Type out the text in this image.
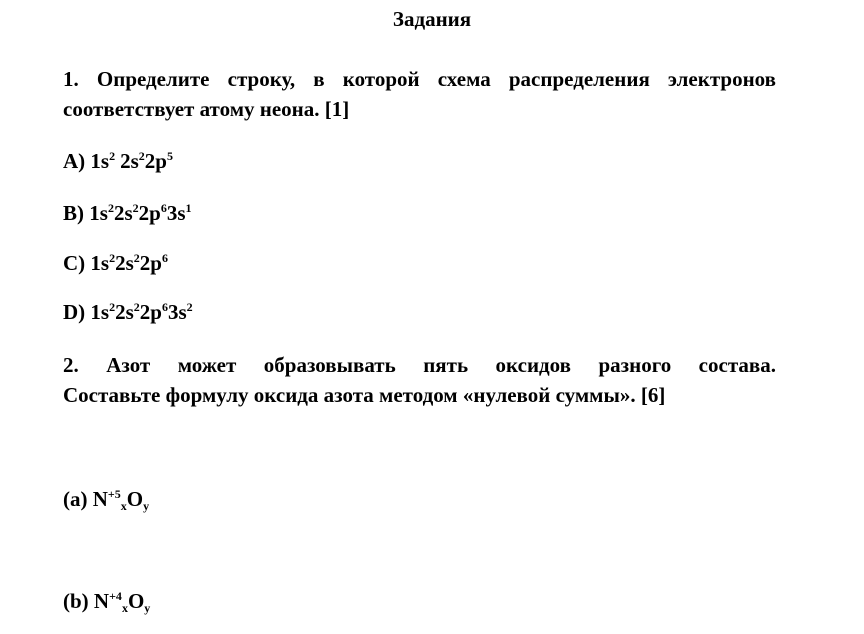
Задания
1. Определите строку, в которой схема распределения электронов
соответствует атому неона. [1]
A) $1s^2$ $2s^22p^5$
B) $1s^22s^22p^63s^1$
C) $1s^22s^22p^6$
D) $1s^22s^22p^63s^2$
2. Азот может образовывать пять оксидов разного состава.
Составьте формулу оксида азота методом «нулевой суммы». [6]
(a) $N^{+5}_xO_y$
(b) $N^{+4}_xO_y$
